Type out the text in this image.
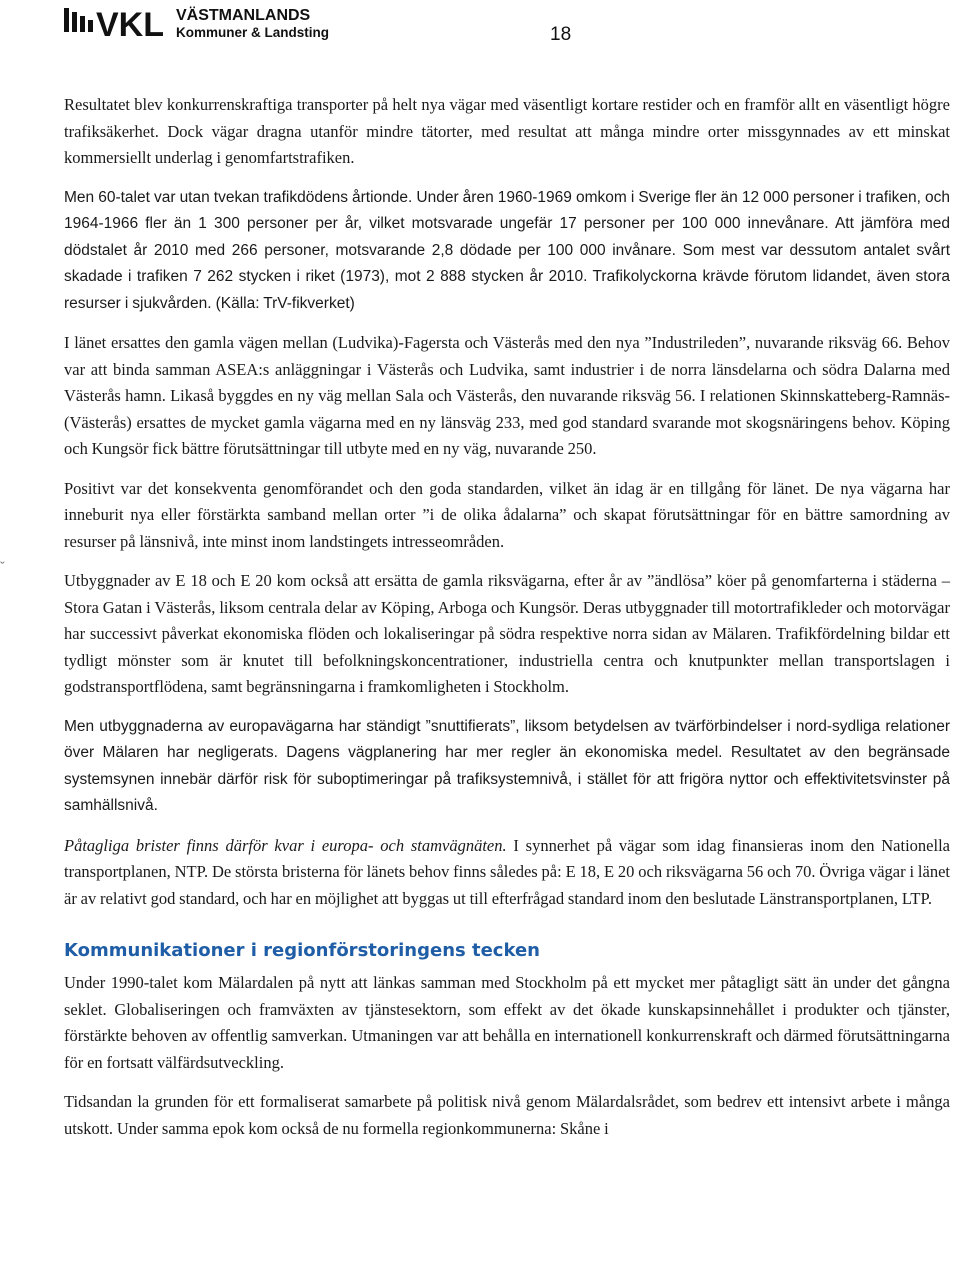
VKL VÄSTMANLANDS
Kommuner & Landsting	18
ˇ

Resultatet blev konkurrenskraftiga transporter på helt nya vägar med väsentligt kortare restider och en framför allt en väsentligt högre trafiksäkerhet. Dock vägar dragna utanför mindre tätorter, med resultat att många mindre orter missgynnades av ett minskat kommersiellt underlag i genomfartstrafiken.

Men 60-talet var utan tvekan trafikdödens årtionde. Under åren 1960-1969 omkom i Sverige fler än 12 000 personer i trafiken, och 1964-1966 fler än 1 300 personer per år, vilket motsvarade ungefär 17 personer per 100 000 innevånare. Att jämföra med dödstalet år 2010 med 266 personer, motsvarande 2,8 dödade per 100 000 invånare. Som mest var dessutom antalet svårt skadade i trafiken 7 262 stycken i riket (1973), mot 2 888 stycken år 2010. Trafikolyckorna krävde förutom lidandet, även stora resurser i sjukvården. (Källa: TrV-fikverket)

I länet ersattes den gamla vägen mellan (Ludvika)-Fagersta och Västerås med den nya ”Industrileden”, nuvarande riksväg 66. Behov var att binda samman ASEA:s anläggningar i Västerås och Ludvika, samt industrier i de norra länsdelarna och södra Dalarna med Västerås hamn. Likaså byggdes en ny väg mellan Sala och Västerås, den nuvarande riksväg 56. I relationen Skinnskatteberg-Ramnäs-(Västerås) ersattes de mycket gamla vägarna med en ny länsväg 233, med god standard svarande mot skogsnäringens behov. Köping och Kungsör fick bättre förutsättningar till utbyte med en ny väg, nuvarande 250.

Positivt var det konsekventa genomförandet och den goda standarden, vilket än idag är en tillgång för länet. De nya vägarna har inneburit nya eller förstärkta samband mellan orter ”i de olika ådalarna” och skapat förutsättningar för en bättre samordning av resurser på länsnivå, inte minst inom landstingets intresseområden.

Utbyggnader av E 18 och E 20 kom också att ersätta de gamla riksvägarna, efter år av ”ändlösa” köer på genomfarterna i städerna – Stora Gatan i Västerås, liksom centrala delar av Köping, Arboga och Kungsör. Deras utbyggnader till motortrafikleder och motorvägar har successivt påverkat ekonomiska flöden och lokaliseringar på södra respektive norra sidan av Mälaren. Trafikfördelning bildar ett tydligt mönster som är knutet till befolkningskoncentrationer, industriella centra och knutpunkter mellan transportslagen i godstransportflödena, samt begränsningarna i framkomligheten i Stockholm.

Men utbyggnaderna av europavägarna har ständigt ”snuttifierats”, liksom betydelsen av tvärförbindelser i nord-sydliga relationer över Mälaren har negligerats. Dagens vägplanering har mer regler än ekonomiska medel. Resultatet av den begränsade systemsynen innebär därför risk för suboptimeringar på trafiksystemnivå, i stället för att frigöra nyttor och effektivitetsvinster på samhällsnivå.

Påtagliga brister finns därför kvar i europa- och stamvägnäten. I synnerhet på vägar som idag finansieras inom den Nationella transportplanen, NTP. De största bristerna för länets behov finns således på: E 18, E 20 och riksvägarna 56 och 70. Övriga vägar i länet är av relativt god standard, och har en möjlighet att byggas ut till efterfrågad standard inom den beslutade Länstransportplanen, LTP.

Kommunikationer i regionförstoringens tecken

Under 1990-talet kom Mälardalen på nytt att länkas samman med Stockholm på ett mycket mer påtagligt sätt än under det gångna seklet. Globaliseringen och framväxten av tjänstesektorn, som effekt av det ökade kunskapsinnehållet i produkter och tjänster, förstärkte behoven av offentlig samverkan. Utmaningen var att behålla en internationell konkurrenskraft och därmed förutsättningarna för en fortsatt välfärdsutveckling.

Tidsandan la grunden för ett formaliserat samarbete på politisk nivå genom Mälardalsrådet, som bedrev ett intensivt arbete i många utskott. Under samma epok kom också de nu formella regionkommunerna: Skåne i
